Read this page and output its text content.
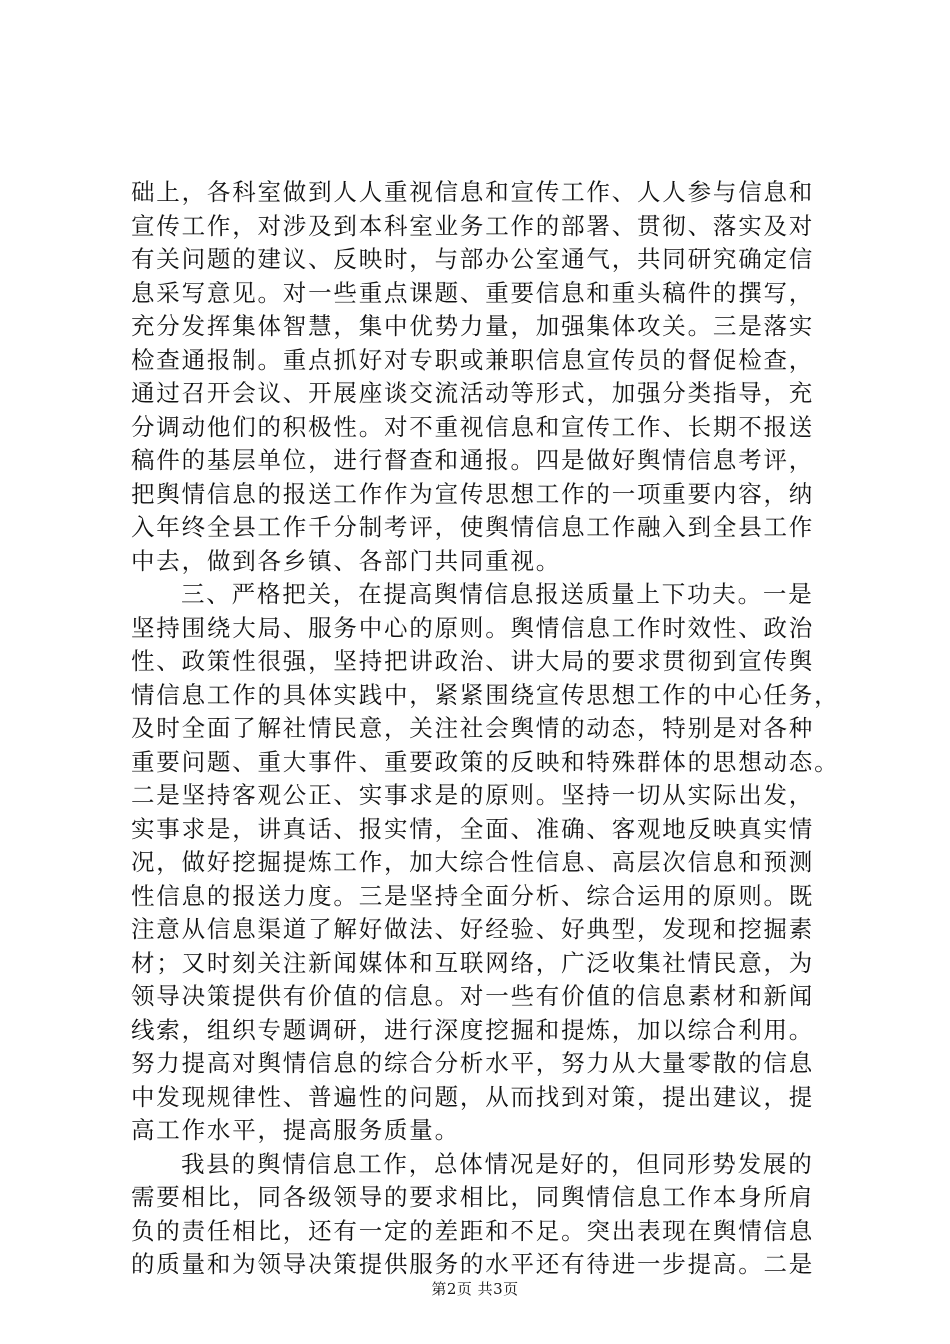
础上，各科室做到人人重视信息和宣传工作、人人参与信息和
宣传工作，对涉及到本科室业务工作的部署、贯彻、落实及对
有关问题的建议、反映时，与部办公室通气，共同研究确定信
息采写意见。对一些重点课题、重要信息和重头稿件的撰写，
充分发挥集体智慧，集中优势力量，加强集体攻关。三是落实
检查通报制。重点抓好对专职或兼职信息宣传员的督促检查，
通过召开会议、开展座谈交流活动等形式，加强分类指导，充
分调动他们的积极性。对不重视信息和宣传工作、长期不报送
稿件的基层单位，进行督查和通报。四是做好舆情信息考评，
把舆情信息的报送工作作为宣传思想工作的一项重要内容，纳
入年终全县工作千分制考评，使舆情信息工作融入到全县工作
中去，做到各乡镇、各部门共同重视。
三、严格把关，在提高舆情信息报送质量上下功夫。一是
坚持围绕大局、服务中心的原则。舆情信息工作时效性、政治
性、政策性很强，坚持把讲政治、讲大局的要求贯彻到宣传舆
情信息工作的具体实践中，紧紧围绕宣传思想工作的中心任务，
及时全面了解社情民意，关注社会舆情的动态，特别是对各种
重要问题、重大事件、重要政策的反映和特殊群体的思想动态。
二是坚持客观公正、实事求是的原则。坚持一切从实际出发，
实事求是，讲真话、报实情，全面、准确、客观地反映真实情
况，做好挖掘提炼工作，加大综合性信息、高层次信息和预测
性信息的报送力度。三是坚持全面分析、综合运用的原则。既
注意从信息渠道了解好做法、好经验、好典型，发现和挖掘素
材；又时刻关注新闻媒体和互联网络，广泛收集社情民意，为
领导决策提供有价值的信息。对一些有价值的信息素材和新闻
线索，组织专题调研，进行深度挖掘和提炼，加以综合利用。
努力提高对舆情信息的综合分析水平，努力从大量零散的信息
中发现规律性、普遍性的问题，从而找到对策，提出建议，提
高工作水平，提高服务质量。
我县的舆情信息工作，总体情况是好的，但同形势发展的
需要相比，同各级领导的要求相比，同舆情信息工作本身所肩
负的责任相比，还有一定的差距和不足。突出表现在舆情信息
的质量和为领导决策提供服务的水平还有待进一步提高。二是
第2页 共3页
